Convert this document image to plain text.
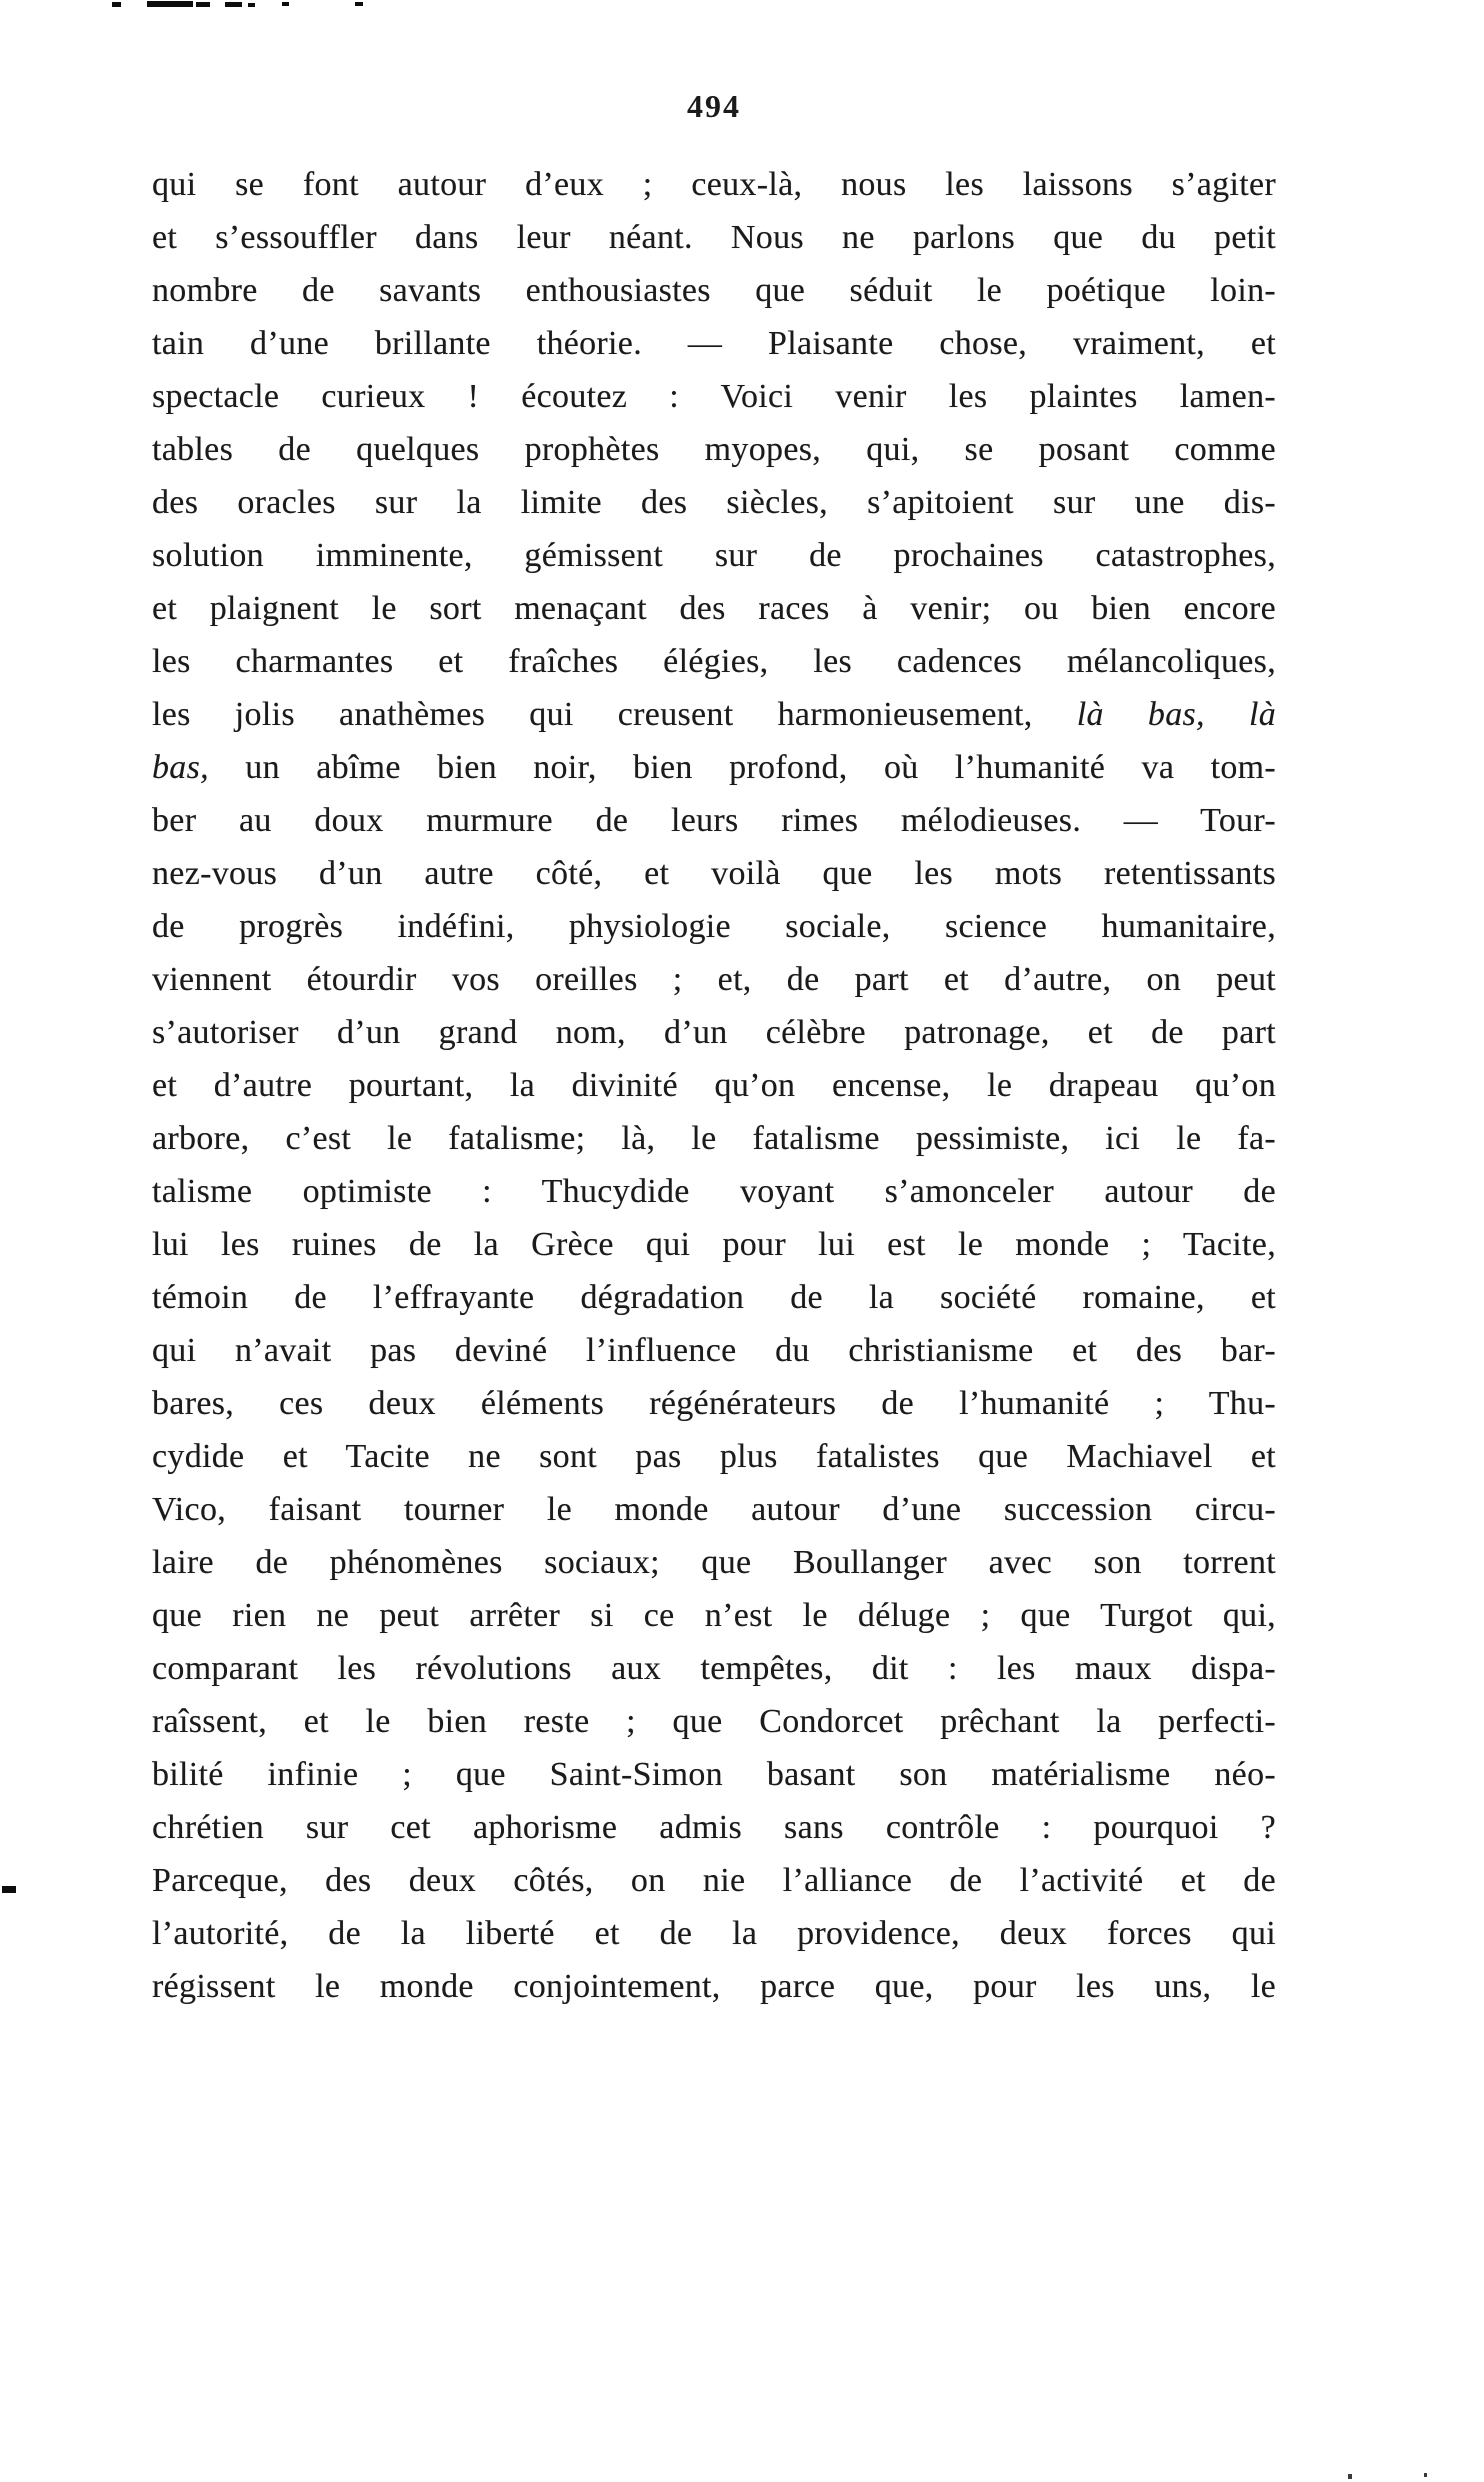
494
qui se font autour d’eux ; ceux-là, nous les laissons s’agiter
et s’essouffler dans leur néant. Nous ne parlons que du petit
nombre de savants enthousiastes que séduit le poétique loin-
tain d’une brillante théorie. — Plaisante chose, vraiment, et
spectacle curieux ! écoutez : Voici venir les plaintes lamen-
tables de quelques prophètes myopes, qui, se posant comme
des oracles sur la limite des siècles, s’apitoient sur une dis-
solution imminente, gémissent sur de prochaines catastrophes,
et plaignent le sort menaçant des races à venir; ou bien encore
les charmantes et fraîches élégies, les cadences mélancoliques,
les jolis anathèmes qui creusent harmonieusement, là bas, là
bas, un abîme bien noir, bien profond, où l’humanité va tom-
ber au doux murmure de leurs rimes mélodieuses. — Tour-
nez-vous d’un autre côté, et voilà que les mots retentissants
de progrès indéfini, physiologie sociale, science humanitaire,
viennent étourdir vos oreilles ; et, de part et d’autre, on peut
s’autoriser d’un grand nom, d’un célèbre patronage, et de part
et d’autre pourtant, la divinité qu’on encense, le drapeau qu’on
arbore, c’est le fatalisme; là, le fatalisme pessimiste, ici le fa-
talisme optimiste : Thucydide voyant s’amonceler autour de
lui les ruines de la Grèce qui pour lui est le monde ; Tacite,
témoin de l’effrayante dégradation de la société romaine, et
qui n’avait pas deviné l’influence du christianisme et des bar-
bares, ces deux éléments régénérateurs de l’humanité ; Thu-
cydide et Tacite ne sont pas plus fatalistes que Machiavel et
Vico, faisant tourner le monde autour d’une succession circu-
laire de phénomènes sociaux; que Boullanger avec son torrent
que rien ne peut arrêter si ce n’est le déluge ; que Turgot qui,
comparant les révolutions aux tempêtes, dit : les maux dispa-
raîssent, et le bien reste ; que Condorcet prêchant la perfecti-
bilité infinie ; que Saint-Simon basant son matérialisme néo-
chrétien sur cet aphorisme admis sans contrôle : pourquoi ?
Parceque, des deux côtés, on nie l’alliance de l’activité et de
l’autorité, de la liberté et de la providence, deux forces qui
régissent le monde conjointement, parce que, pour les uns, le
